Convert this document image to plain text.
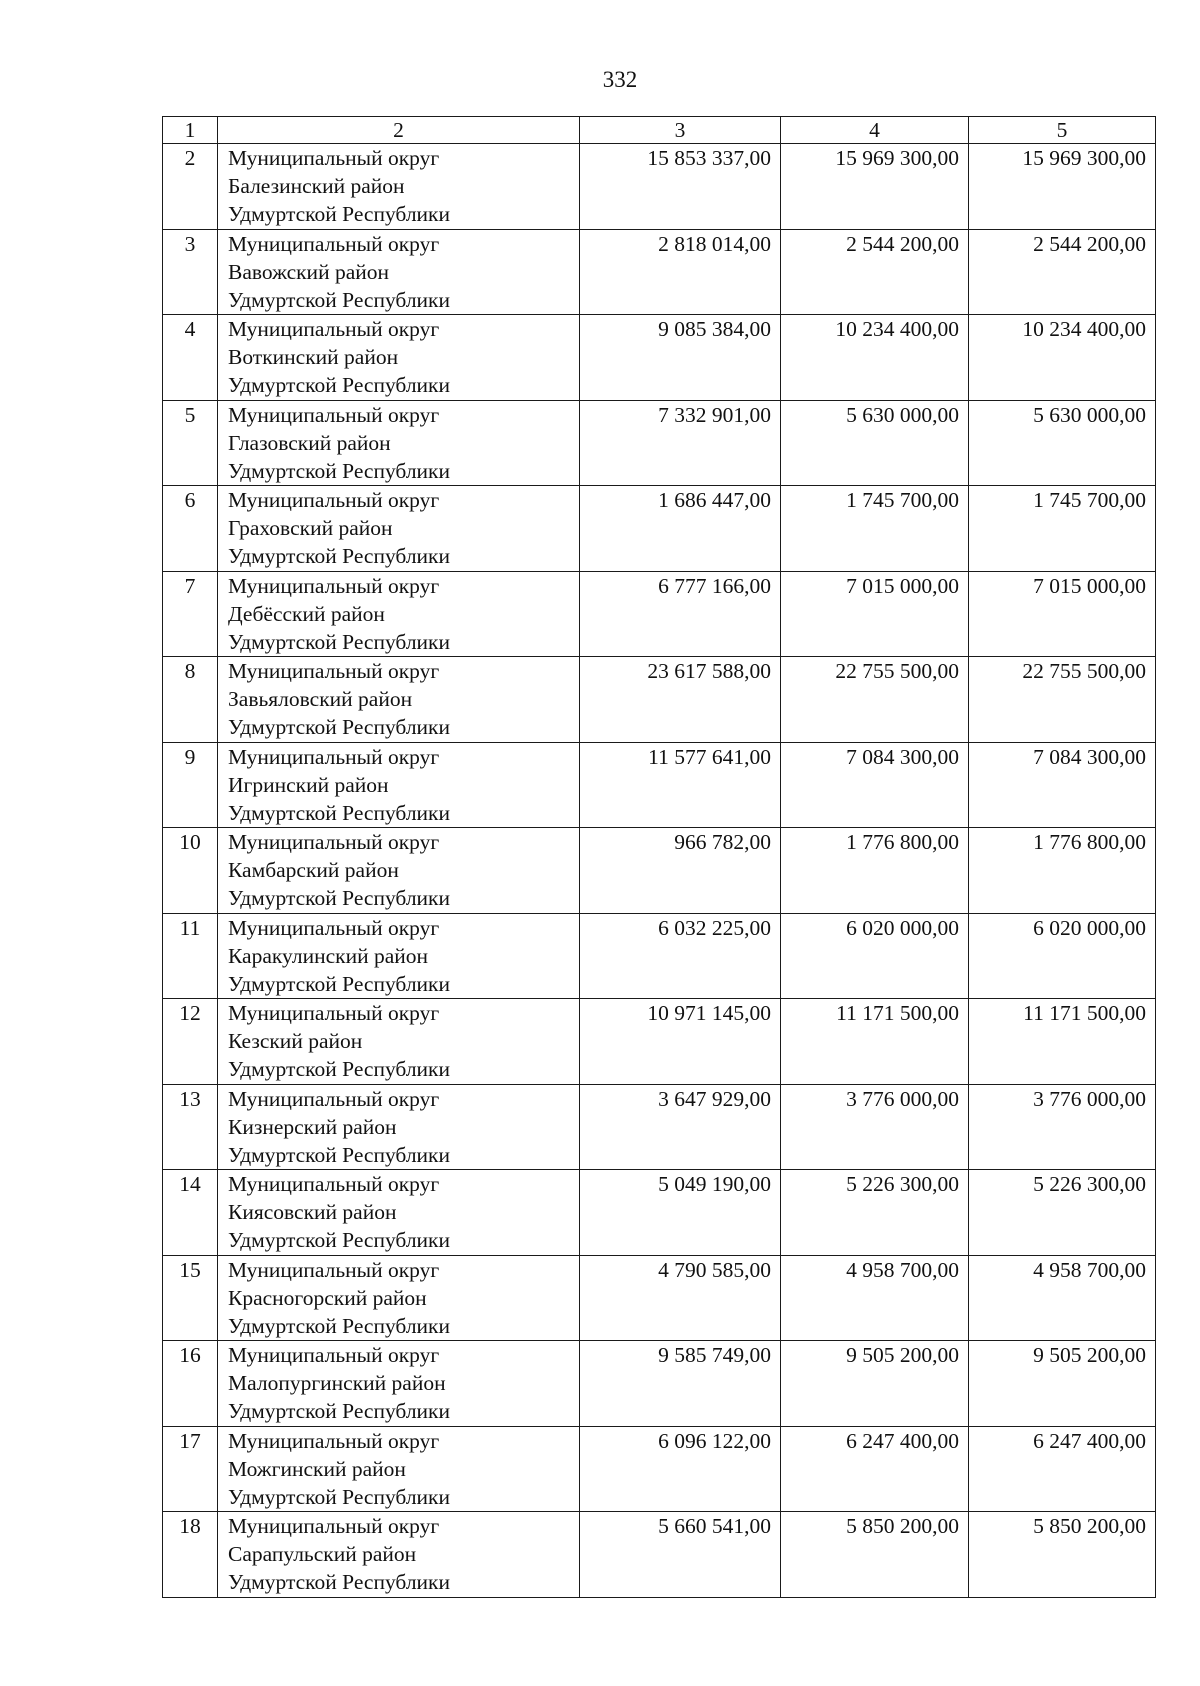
332
1	2	3	4	5
2	Муниципальный округ
Балезинский район
Удмуртской Республики	15 853 337,00	15 969 300,00	15 969 300,00
3	Муниципальный округ
Вавожский район
Удмуртской Республики	2 818 014,00	2 544 200,00	2 544 200,00
4	Муниципальный округ
Воткинский район
Удмуртской Республики	9 085 384,00	10 234 400,00	10 234 400,00
5	Муниципальный округ
Глазовский район
Удмуртской Республики	7 332 901,00	5 630 000,00	5 630 000,00
6	Муниципальный округ
Граховский район
Удмуртской Республики	1 686 447,00	1 745 700,00	1 745 700,00
7	Муниципальный округ
Дебёсский район
Удмуртской Республики	6 777 166,00	7 015 000,00	7 015 000,00
8	Муниципальный округ
Завьяловский район
Удмуртской Республики	23 617 588,00	22 755 500,00	22 755 500,00
9	Муниципальный округ
Игринский район
Удмуртской Республики	11 577 641,00	7 084 300,00	7 084 300,00
10	Муниципальный округ
Камбарский район
Удмуртской Республики	966 782,00	1 776 800,00	1 776 800,00
11	Муниципальный округ
Каракулинский район
Удмуртской Республики	6 032 225,00	6 020 000,00	6 020 000,00
12	Муниципальный округ
Кезский район
Удмуртской Республики	10 971 145,00	11 171 500,00	11 171 500,00
13	Муниципальный округ
Кизнерский район
Удмуртской Республики	3 647 929,00	3 776 000,00	3 776 000,00
14	Муниципальный округ
Киясовский район
Удмуртской Республики	5 049 190,00	5 226 300,00	5 226 300,00
15	Муниципальный округ
Красногорский район
Удмуртской Республики	4 790 585,00	4 958 700,00	4 958 700,00
16	Муниципальный округ
Малопургинский район
Удмуртской Республики	9 585 749,00	9 505 200,00	9 505 200,00
17	Муниципальный округ
Можгинский район
Удмуртской Республики	6 096 122,00	6 247 400,00	6 247 400,00
18	Муниципальный округ
Сарапульский район
Удмуртской Республики	5 660 541,00	5 850 200,00	5 850 200,00
